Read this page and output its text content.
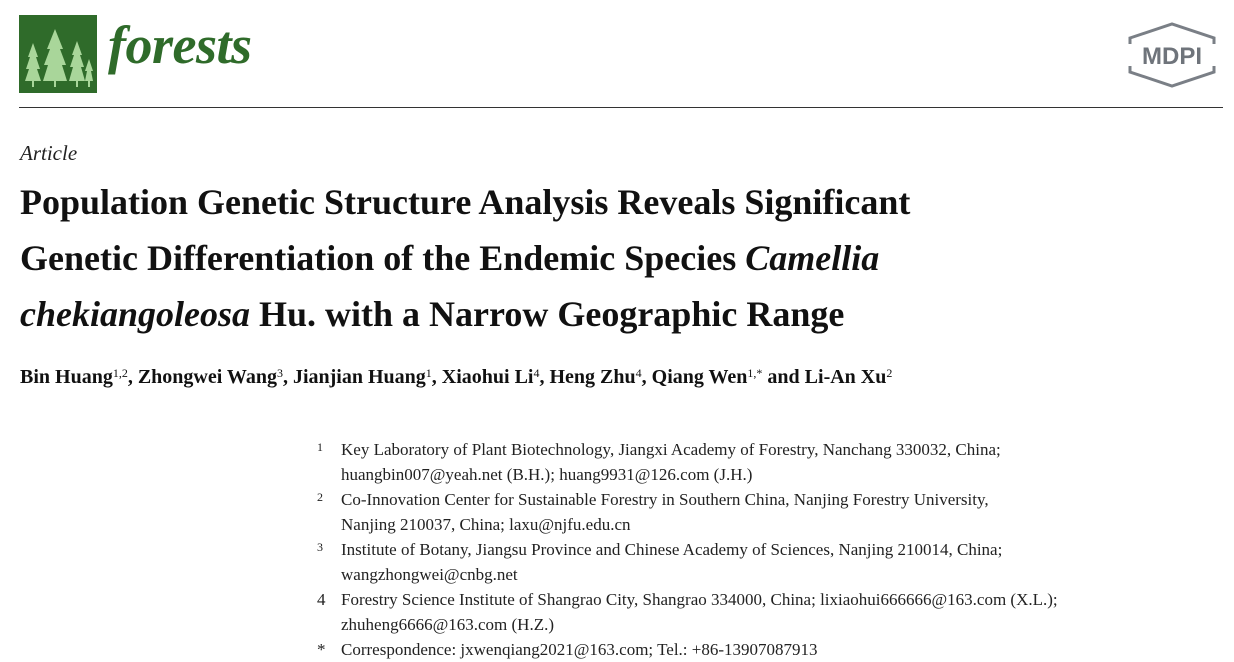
forests	MDPI
Article
Population Genetic Structure Analysis Reveals Significant
Genetic Differentiation of the Endemic Species Camellia
chekiangoleosa Hu. with a Narrow Geographic Range
Bin Huang$^{1,2}$, Zhongwei Wang$^3$, Jianjian Huang$^1$, Xiaohui Li$^4$, Heng Zhu$^4$, Qiang Wen$^{1,*}$ and Li-An Xu$^2$
1 Key Laboratory of Plant Biotechnology, Jiangxi Academy of Forestry, Nanchang 330032, China;
huangbin007@yeah.net (B.H.); huang9931@126.com (J.H.)
2 Co-Innovation Center for Sustainable Forestry in Southern China, Nanjing Forestry University,
Nanjing 210037, China; laxu@njfu.edu.cn
3 Institute of Botany, Jiangsu Province and Chinese Academy of Sciences, Nanjing 210014, China;
wangzhongwei@cnbg.net
4 Forestry Science Institute of Shangrao City, Shangrao 334000, China; lixiaohui666666@163.com (X.L.);
zhuheng6666@163.com (H.Z.)
* Correspondence: jxwenqiang2021@163.com; Tel.: +86-13907087913
